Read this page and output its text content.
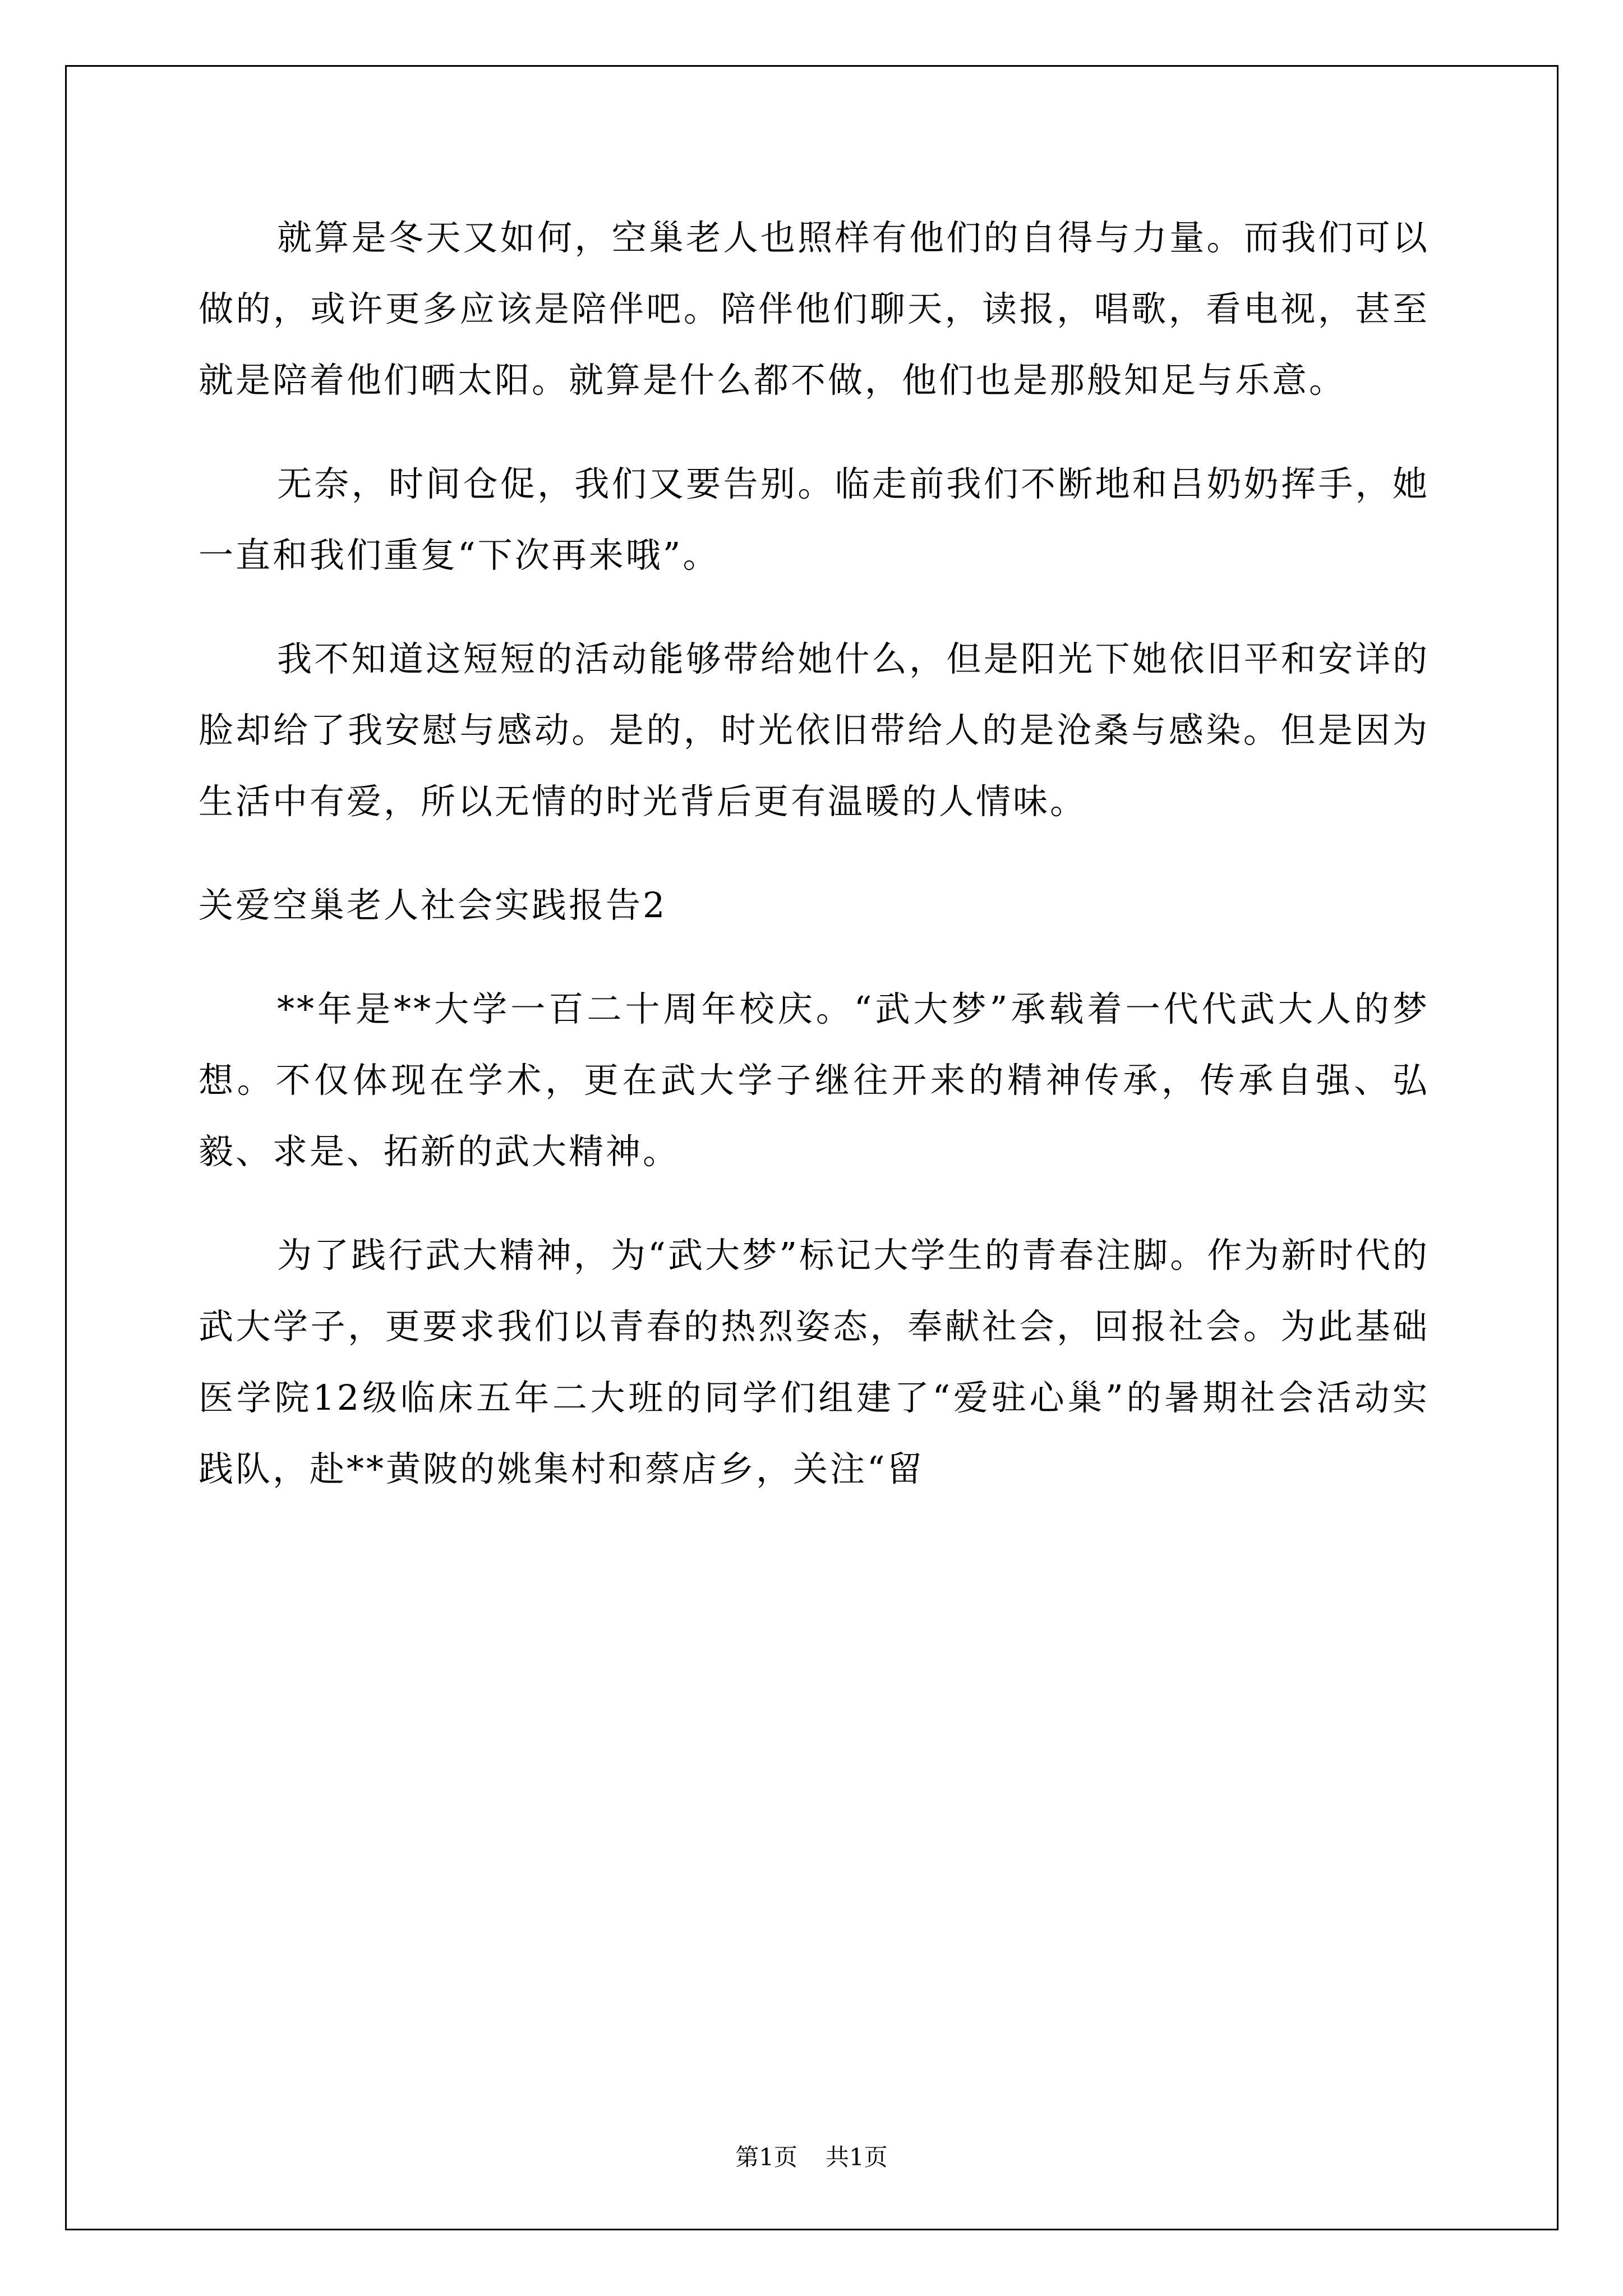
就算是冬天又如何，空巢老人也照样有他们的自得与力量。而我们可以做的，或许更多应该是陪伴吧。陪伴他们聊天，读报，唱歌，看电视，甚至就是陪着他们晒太阳。就算是什么都不做，他们也是那般知足与乐意。

无奈，时间仓促，我们又要告别。临走前我们不断地和吕奶奶挥手，她一直和我们重复“下次再来哦”。

我不知道这短短的活动能够带给她什么，但是阳光下她依旧平和安详的脸却给了我安慰与感动。是的，时光依旧带给人的是沧桑与感染。但是因为生活中有爱，所以无情的时光背后更有温暖的人情味。

关爱空巢老人社会实践报告2

**年是**大学一百二十周年校庆。“武大梦”承载着一代代武大人的梦想。不仅体现在学术，更在武大学子继往开来的精神传承，传承自强、弘毅、求是、拓新的武大精神。

为了践行武大精神，为“武大梦”标记大学生的青春注脚。作为新时代的武大学子，更要求我们以青春的热烈姿态，奉献社会，回报社会。为此基础医学院12级临床五年二大班的同学们组建了“爱驻心巢”的暑期社会活动实践队，赴**黄陂的姚集村和蔡店乡，关注“留

第1页 共1页
